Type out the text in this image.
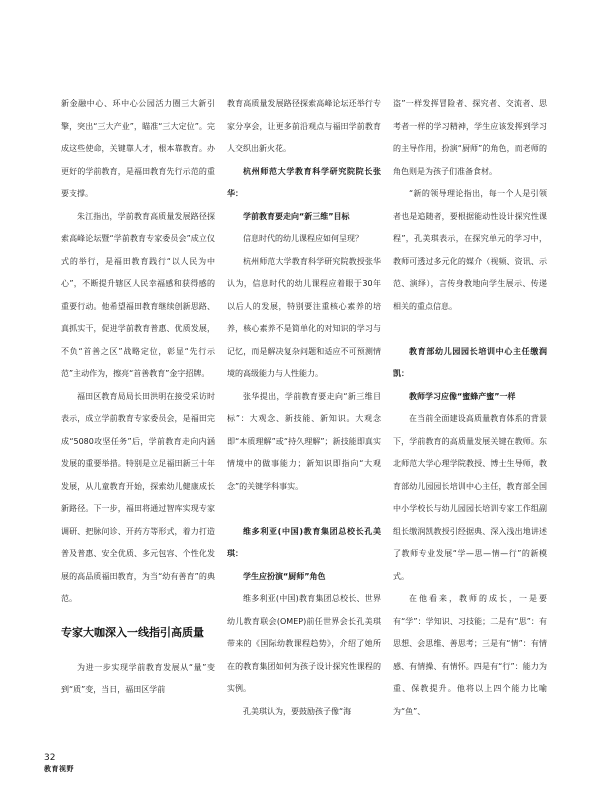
新金融中心、环中心公园活力圈三大新引擎，突出“三大产业”，瞄准“三大定位”。完成这些使命，关键靠人才，根本靠教育。办更好的学前教育，是福田教育先行示范的重要支撑。

朱江指出，学前教育高质量发展路径探索高峰论坛暨“学前教育专家委员会”成立仪式的举行，是福田教育践行“以人民为中心”，不断提升辖区人民幸福感和获得感的重要行动。他希望福田教育继续创新思路、真抓实干，促进学前教育普惠、优质发展，不负“首善之区”战略定位，彰显“先行示范”主动作为，擦亮“首善教育”金字招牌。

福田区教育局局长田洪明在接受采访时表示，成立学前教育专家委员会，是福田完成“5080攻坚任务”后，学前教育走向内涵发展的重要举措。特别是立足福田新三十年发展，从儿童教育开始，探索幼儿健康成长新路径。下一步，福田将通过智库实现专家调研、把脉问诊、开药方等形式，着力打造普及普惠、安全优质、多元包容、个性化发展的高品质福田教育，为当“幼有善育”的典范。

专家大咖深入一线指引高质量

为进一步实现学前教育发展从“量”变到“质”变，当日，福田区学前

教育高质量发展路径探索高峰论坛还举行专家分享会，让更多前沿观点与福田学前教育人交织出新火花。

杭州师范大学教育科学研究院院长张华：

学前教育要走向“新三维”目标

信息时代的幼儿课程应如何呈现？

杭州师范大学教育科学研究院教授张华认为，信息时代的幼儿课程应着眼于30年以后人的发展，特别要注重核心素养的培养，核心素养不是简单化的对知识的学习与记忆，而是解决复杂问题和适应不可预测情境的高级能力与人性能力。

张华提出，学前教育要走向“新三维目标”：大观念、新技能、新知识。大观念即“本质理解”或“持久理解”；新技能即真实情境中的做事能力；新知识即指向“大观念”的关键学科事实。

维多利亚(中国)教育集团总校长孔美琪：

学生应扮演“厨师”角色

维多利亚(中国)教育集团总校长、世界幼儿教育联会(OMEP)前任世界会长孔美琪带来的《国际幼教课程趋势》，介绍了她所在的教育集团如何为孩子设计探究性课程的实例。

孔美琪认为，要鼓励孩子像“海

盗”一样发挥冒险者、探究者、交流者、思考者一样的学习精神，学生应该发挥到学习的主导作用，扮演“厨师”的角色，而老师的角色则是为孩子们准备食材。

“新的领导理论指出，每一个人是引领者也是追随者，要根据能动性设计探究性课程”，孔美琪表示，在探究单元的学习中，教师可透过多元化的媒介（视频、资讯、示范、演绎），言传身教地向学生展示、传递相关的重点信息。

教育部幼儿园园长培训中心主任缴润凯：

教师学习应像“蜜蜂产蜜”一样

在当前全面建设高质量教育体系的背景下，学前教育的高质量发展关键在教师。东北师范大学心理学院教授、博士生导师，教育部幼儿园园长培训中心主任，教育部全国中小学校长与幼儿园园长培训专家工作组副组长缴润凯教授引经据典、深入浅出地讲述了教师专业发展“学—思—情—行”的新模式。

在他看来，教师的成长，一是要有“学”：学知识、习技能；二是有“思”：有思想、会思维、善思考；三是有“情”：有情感、有情操、有情怀。四是有“行”：能力为重、保教提升。他将以上四个能力比喻为“鱼”、

32
教育视野
